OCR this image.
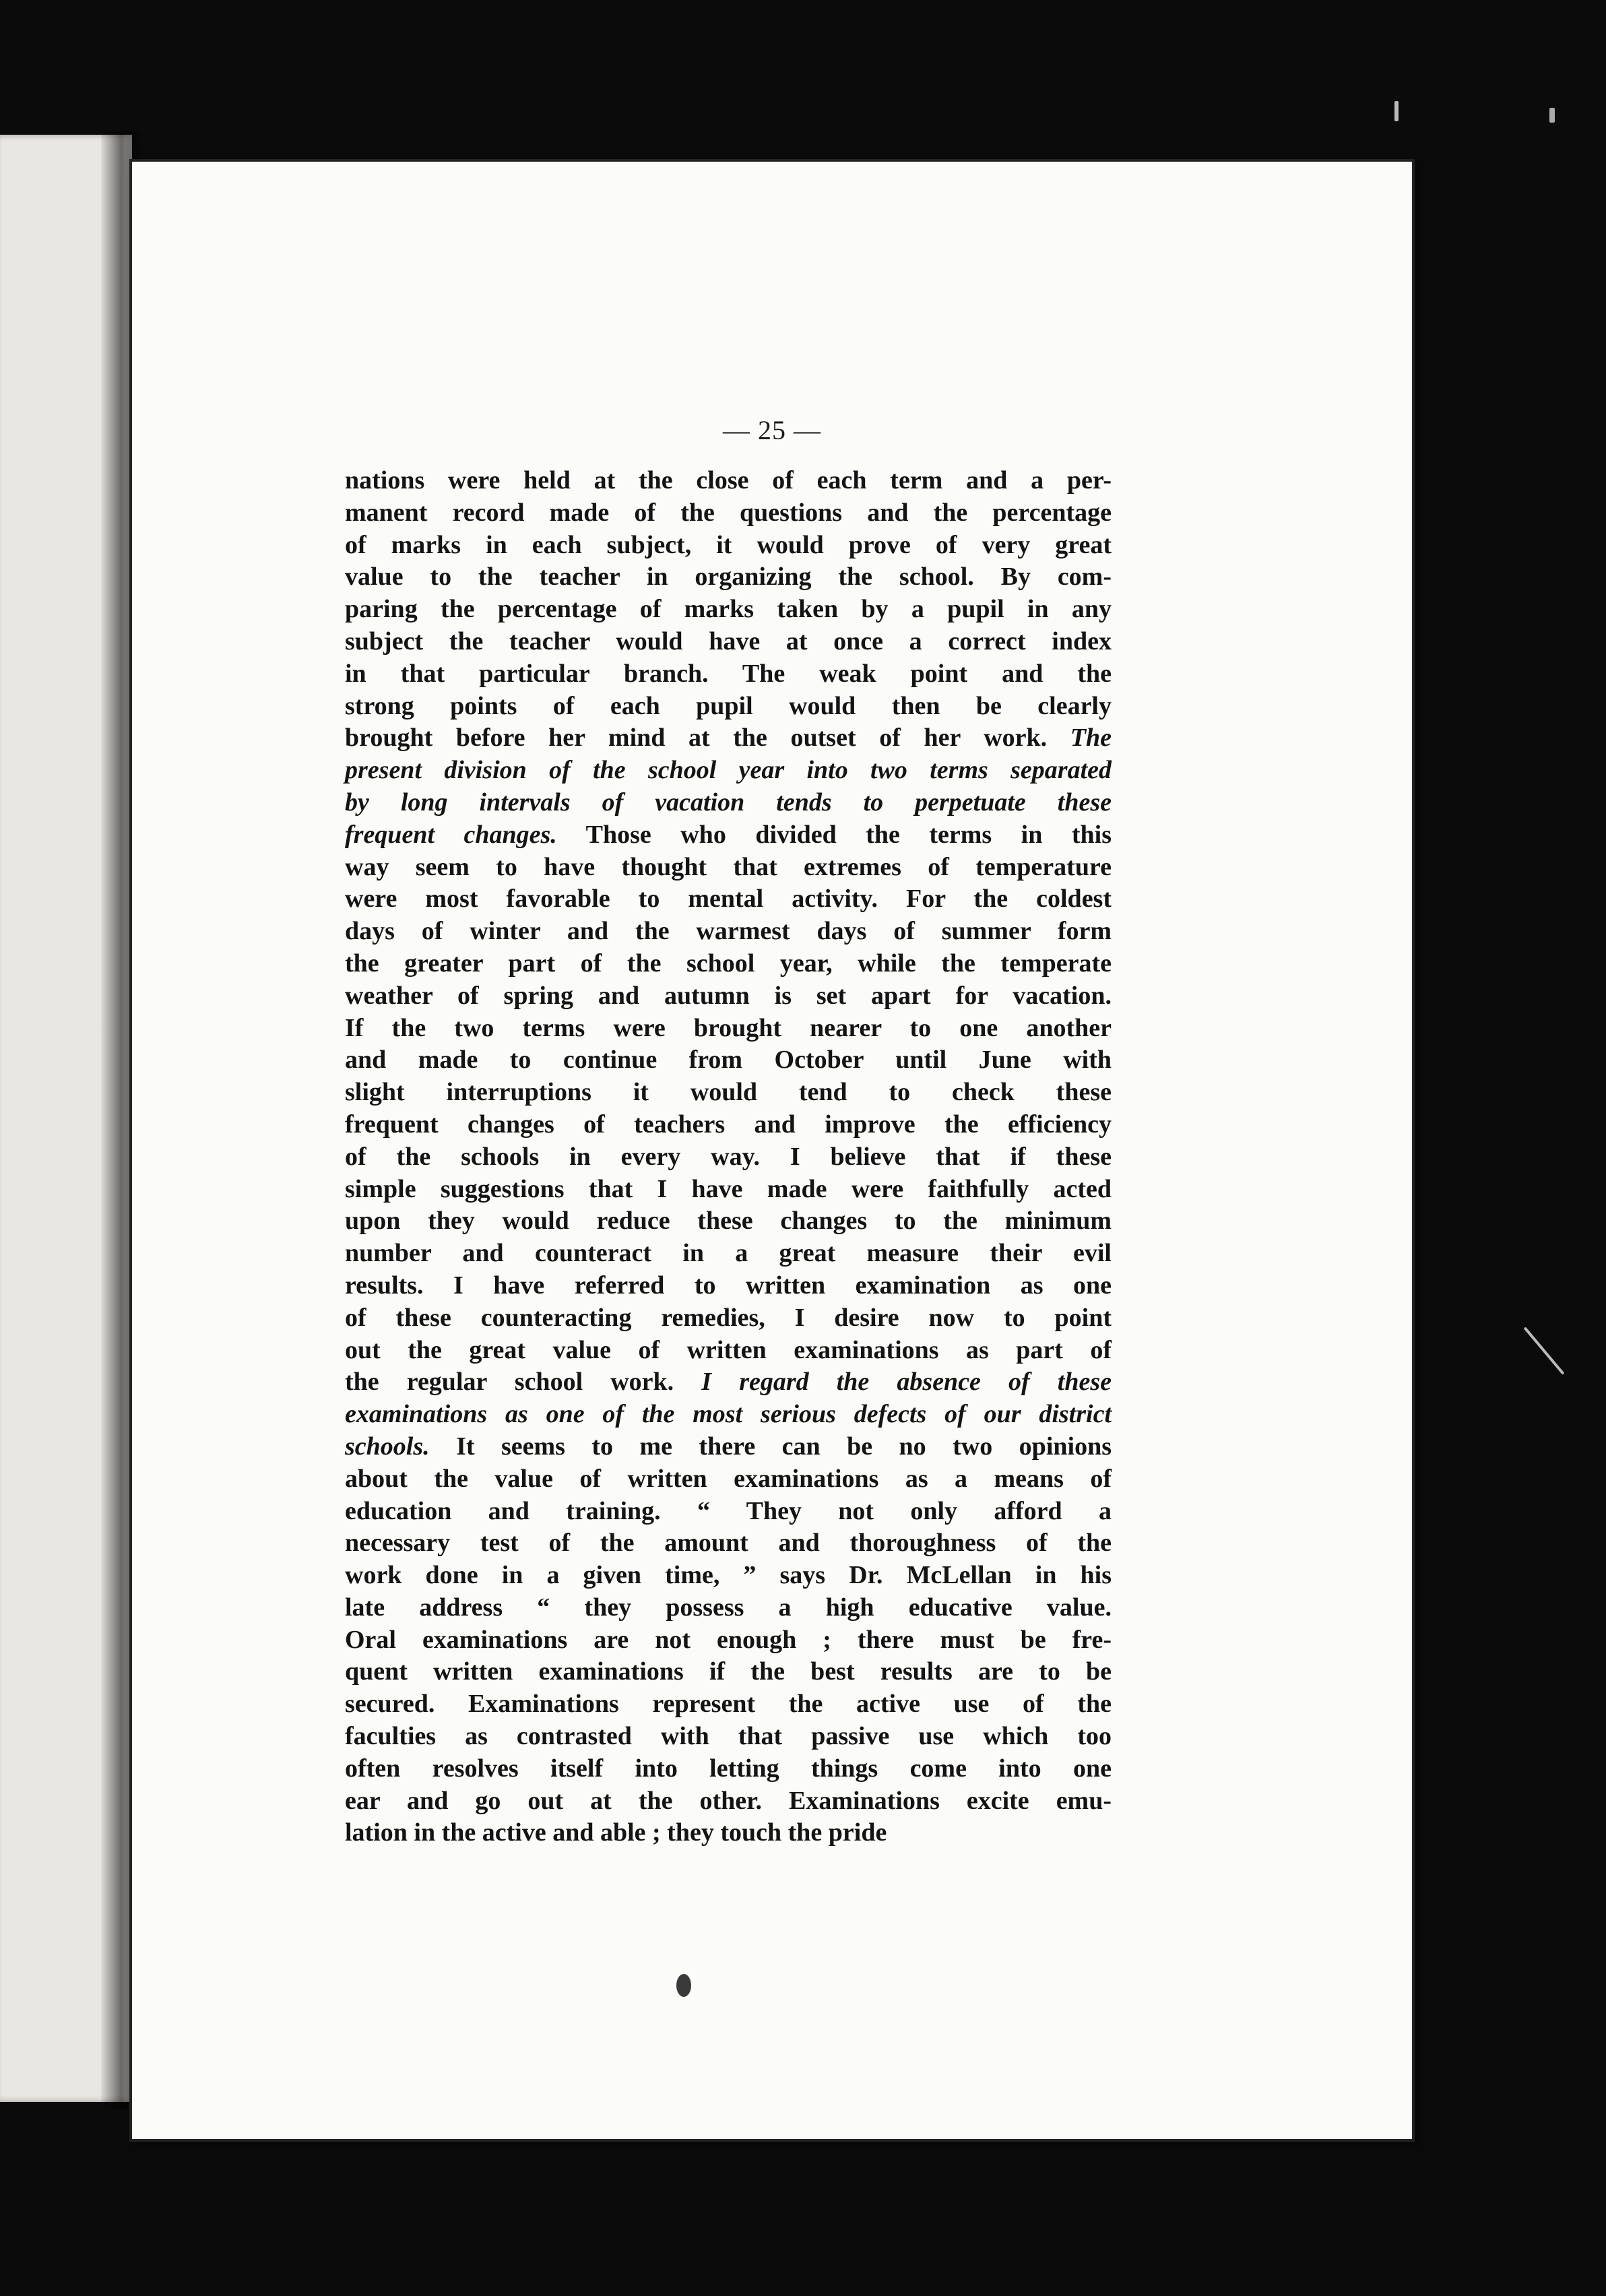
— 25 —
nations were held at the close of each term and a per-
manent record made of the questions and the percentage
of marks in each subject, it would prove of very great
value to the teacher in organizing the school. By com-
paring the percentage of marks taken by a pupil in any
subject the teacher would have at once a correct index
in that particular branch. The weak point and the
strong points of each pupil would then be clearly
brought before her mind at the outset of her work. The
present division of the school year into two terms separated
by long intervals of vacation tends to perpetuate these
frequent changes. Those who divided the terms in this
way seem to have thought that extremes of temperature
were most favorable to mental activity. For the coldest
days of winter and the warmest days of summer form
the greater part of the school year, while the temperate
weather of spring and autumn is set apart for vacation.
If the two terms were brought nearer to one another
and made to continue from October until June with
slight interruptions it would tend to check these
frequent changes of teachers and improve the efficiency
of the schools in every way. I believe that if these
simple suggestions that I have made were faithfully acted
upon they would reduce these changes to the minimum
number and counteract in a great measure their evil
results. I have referred to written examination as one
of these counteracting remedies, I desire now to point
out the great value of written examinations as part of
the regular school work. I regard the absence of these
examinations as one of the most serious defects of our district
schools. It seems to me there can be no two opinions
about the value of written examinations as a means of
education and training. “ They not only afford a
necessary test of the amount and thoroughness of the
work done in a given time, ” says Dr. McLellan in his
late address “ they possess a high educative value.
Oral examinations are not enough ; there must be fre-
quent written examinations if the best results are to be
secured. Examinations represent the active use of the
faculties as contrasted with that passive use which too
often resolves itself into letting things come into one
ear and go out at the other. Examinations excite emu-
lation in the active and able ; they touch the pride
